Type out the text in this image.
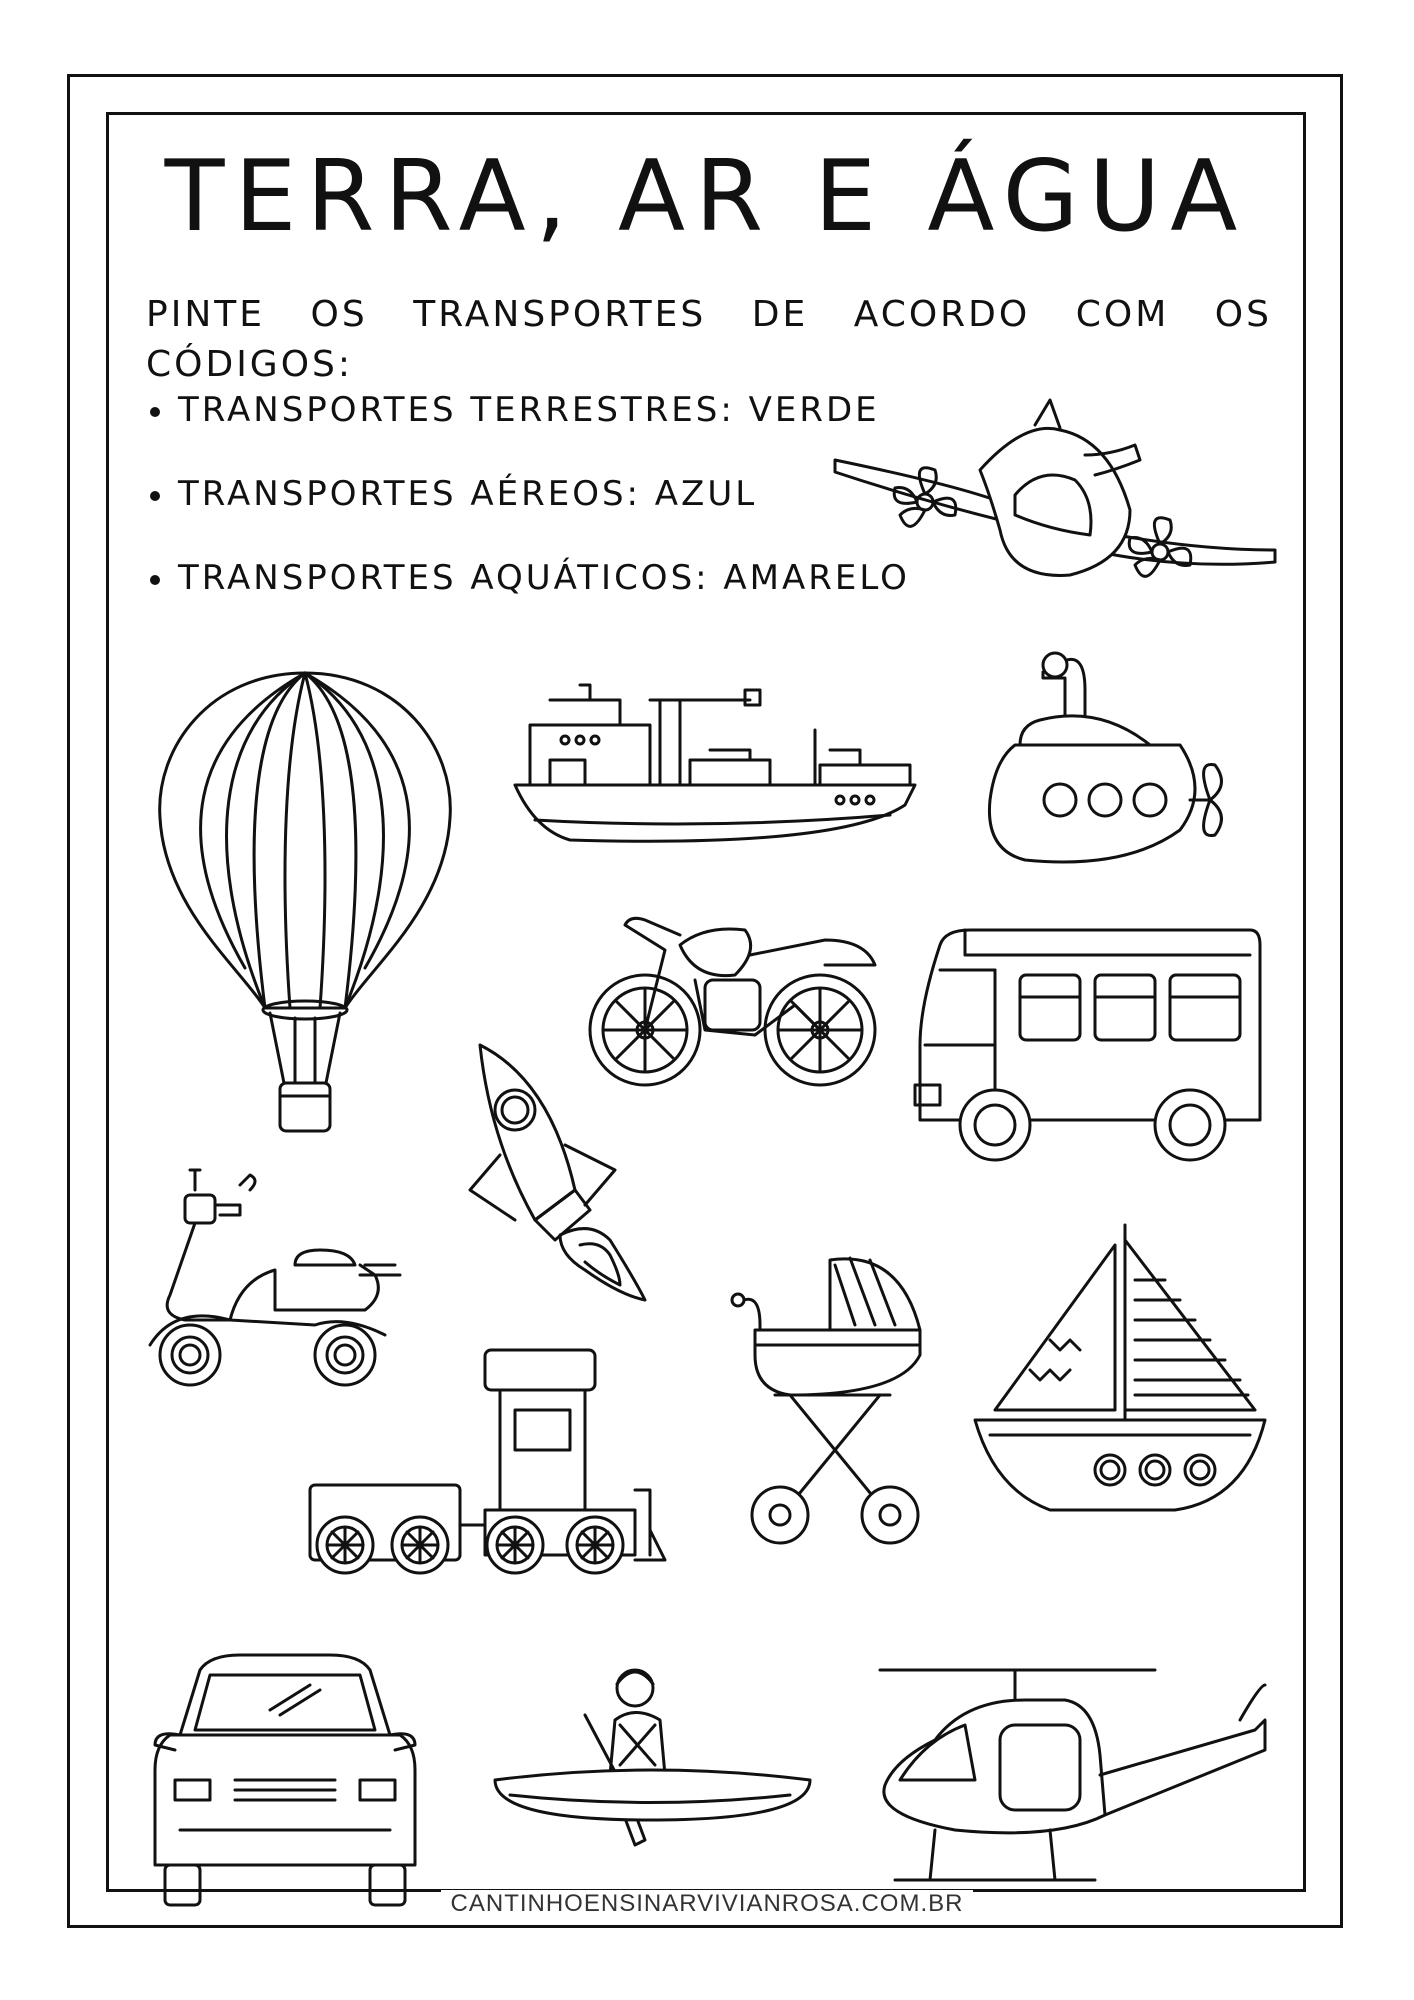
TERRA, AR E ÁGUA

PINTE OS TRANSPORTES DE ACORDO COM OS
CÓDIGOS:

TRANSPORTES TERRESTRES: VERDE
TRANSPORTES AÉREOS: AZUL
TRANSPORTES AQUÁTICOS: AMARELO
CANTINHOENSINARVIVIANROSA.COM.BR
